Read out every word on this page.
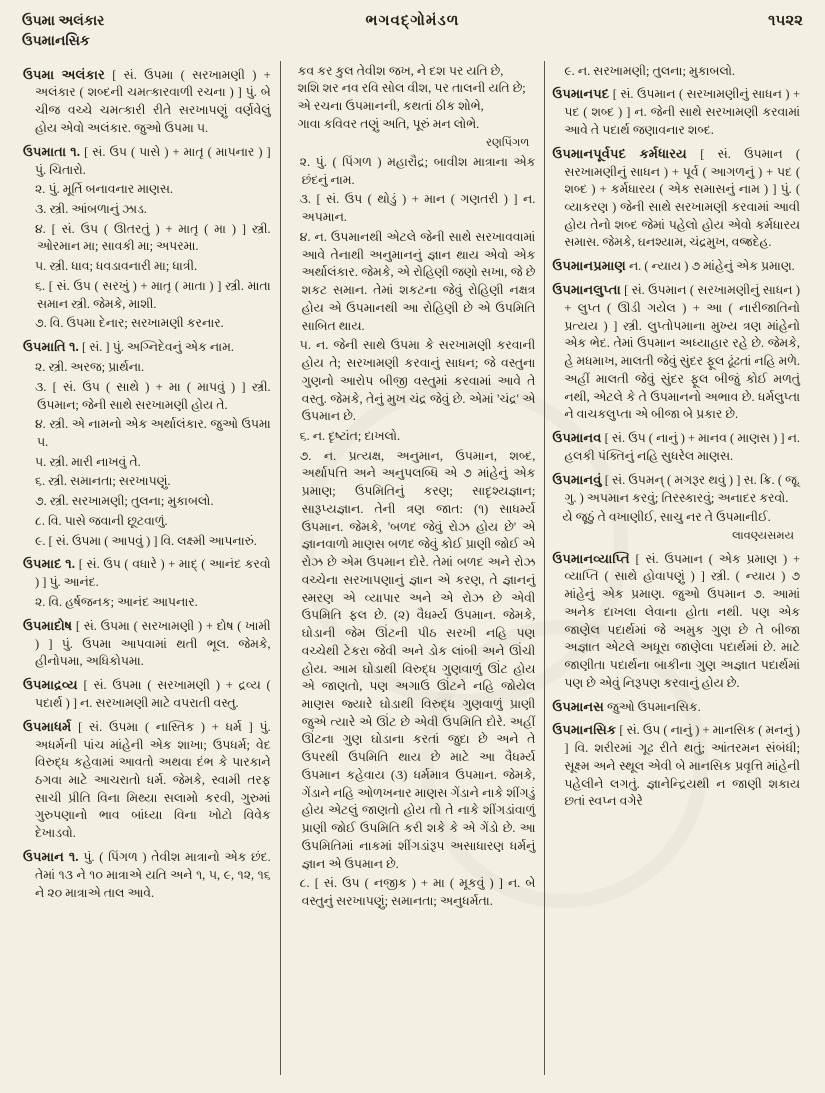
ઉપમા અલંકાર
ઉપમાનસિક
ભગવદ્ગોમંડળ	૧૫૨૨

ઉપમા અલંકાર [ સં. ઉપમા ( સરખામણી ) + અલંકાર ( શબ્દની ચમત્કારવાળી રચના ) ] પું. બે ચીજ વચ્ચે ચમત્કારી રીતે સરખાપણું વર્ણવેલું હોય એવો અલંકાર. જુઓ ઉપમા ૫.

ઉપમાતા ૧. [ સં. ઉપ ( પાસે ) + માતૃ ( માપનાર ) ] પું. ચિતારો.

૨. પું. મૂર્તિ બનાવનાર માણસ.

૩. સ્ત્રી. આંબળાનું ઝાડ.

૪. [ સં. ઉપ ( ઊતરતું ) + માતૃ ( મા ) ] સ્ત્રી. ઓરમાન મા; સાવકી મા; અપરમા.

૫. સ્ત્રી. ધાવ; ધવડાવનારી મા; ધાત્રી.

૬. [ સં. ઉપ ( સરખું ) + માતૃ ( માતા ) ] સ્ત્રી. માતા સમાન સ્ત્રી. જેમકે, માશી.

૭. વિ. ઉપમા દેનાર; સરખામણી કરનાર.

ઉપમાતિ ૧. [ સં. ] પું. અગ્નિદેવનું એક નામ.

૨. સ્ત્રી. અરજ; પ્રાર્થના.

૩. [ સં. ઉપ ( સાથે ) + મા ( માપવું ) ] સ્ત્રી. ઉપમાન; જેની સાથે સરખામણી હોય તે.

૪. સ્ત્રી. એ નામનો એક અર્થાલંકાર. જુઓ ઉપમા ૫.

૫. સ્ત્રી. મારી નાખવું તે.

૬. સ્ત્રી. સમાનતા; સરખાપણું.

૭. સ્ત્રી. સરખામણી; તુલના; મુકાબલો.

૮. વિ. પાસે જવાની છૂટવાળું.

૯. [ સં. ઉપમા ( આપવું ) ] વિ. લક્ષ્મી આપનારું.

ઉપમાદ ૧. [ સં. ઉપ ( વધારે ) + માદ્ ( આનંદ કરવો ) ] પું. આનંદ.

૨. વિ. હર્ષજનક; આનંદ આપનાર.

ઉપમાદોષ [ સં. ઉપમા ( સરખામણી ) + દોષ ( ખામી ) ] પું. ઉપમા આપવામાં થતી ભૂલ. જેમકે, હીનોપમા, અધિકોપમા.

ઉપમાદ્રવ્ય [ સં. ઉપમા ( સરખામણી ) + દ્રવ્ય ( પદાર્થ ) ] ન. સરખામણી માટે વપરાતી વસ્તુ.

ઉપમાધર્મ [ સં. ઉપમા ( નાસ્તિક ) + ધર્મ ] પું. અધર્મની પાંચ માંહેની એક શાખા; ઉપધર્મ; વેદ વિરુદ્ધ કહેવામાં આવતો અથવા દંભ કે પારકાને ઠગવા માટે આચરાતો ધર્મ. જેમકે, સ્વામી તરફ સાચી પ્રીતિ વિના મિથ્યા સલામો કરવી, ગુરુમાં ગુરુપણાનો ભાવ બાંધ્યા વિના ખોટો વિવેક દેખાડવો.

ઉપમાન ૧. પું. ( પિંગળ ) તેવીશ માત્રાનો એક છંદ. તેમાં ૧૩ ને ૧૦ માત્રાએ યતિ અને ૧, ૫, ૯, ૧૨, ૧૬ ને ૨૦ માત્રાએ તાલ આવે.

કવ કર કુલ તેવીશ જખ, ને દશ પર યતિ છે,
શશિ શર નવ રવિ સોલ વીશ, પર તાલની યતિ છે;
એ રચના ઉપમાનની, કથતાં ઠીક શોભે,
ગાવા કવિવર તણું અતિ, પૂરું મન લોભે.
રણપિંગળ

૨. પું. ( પિંગળ ) મહારૌદ્ર; બાવીશ માત્રાના એક છંદનું નામ.

૩. [ સં. ઉપ ( થોડું ) + માન ( ગણતરી ) ] ન. અપમાન.

૪. ન. ઉપમાનથી એટલે જેની સાથે સરખાવવામાં આવે તેનાથી અનુમાનનું જ્ઞાન થાય એવો એક અર્થાલંકાર. જેમકે, એ રોહિણી જણો સખા, જે છે શકટ સમાન. તેમાં શકટના જેવું રોહિણી નક્ષત્ર હોય એ ઉપમાનથી આ રોહિણી છે એ ઉપમિતિ સાબિત થાય.

૫. ન. જેની સાથે ઉપમા કે સરખામણી કરવાની હોય તે; સરખામણી કરવાનું સાધન; જે વસ્તુના ગુણનો આરોપ બીજી વસ્તુમાં કરવામાં આવે તે વસ્તુ. જેમકે, તેનું મુખ ચંદ્ર જેવું છે. એમાં 'ચંદ્ર' એ ઉપમાન છે.

૬. ન. દૃષ્ટાંત; દાખલો.

૭. ન. પ્રત્યક્ષ, અનુમાન, ઉપમાન, શબ્દ, અર્થાપત્તિ અને અનુપલબ્ધિ એ ૭ માંહેનું એક પ્રમાણ; ઉપમિતિનું કરણ; સાદૃશ્યજ્ઞાન; સારૂપ્યજ્ઞાન. તેની ત્રણ જાત: (૧) સાધર્મ્ય ઉપમાન. જેમકે, 'બળદ જેવું રોઝ હોય છે' એ જ્ઞાનવાળો માણસ બળદ જેવું કોઈ પ્રાણી જોઈ એ રોઝ છે એમ ઉપમાન દોરે. તેમાં બળદ અને રોઝ વચ્ચેના સરખાપણાનું જ્ઞાન એ કરણ, તે જ્ઞાનનું સ્મરણ એ વ્યાપાર અને એ રોઝ છે એવી ઉપમિતિ ફલ છે. (૨) વૈધર્મ્ય ઉપમાન. જેમકે, ઘોડાની જેમ ઊંટની પીઠ સરખી નહિ પણ વચ્ચેથી ટેકરા જેવી અને ડોક લાંબી અને ઊંચી હોય. આમ ઘોડાથી વિરુદ્ધ ગુણવાળું ઊંટ હોય એ જાણતો, પણ અગાઉ ઊંટને નહિ જોયેલ માણસ જ્યારે ઘોડાથી વિરુદ્ધ ગુણવાળું પ્રાણી જુએ ત્યારે એ ઊંટ છે એવી ઉપમિતિ દોરે. અહીં ઊંટના ગુણ ઘોડાના કરતાં જુદા છે અને તે ઉપરથી ઉપમિતિ થાય છે માટે આ વૈધર્મ્ય ઉપમાન કહેવાય (૩) ધર્મમાત્ર ઉપમાન. જેમકે, ગેંડાને નહિ ઓળખનાર માણસ ગેંડાને નાકે શીંગડું હોય એટલું જાણતો હોય તો તે નાકે શીંગડાંવાળું પ્રાણી જોઈ ઉપમિતિ કરી શકે કે એ ગેંડો છે. આ ઉપમિતિમાં નાકમાં શીંગડાંરૂપ અસાધારણ ધર્મનું જ્ઞાન એ ઉપમાન છે.

૮. [ સં. ઉપ ( નજીક ) + મા ( મૂકવું ) ] ન. બે વસ્તુનું સરખાપણું; સમાનતા; અનુધર્મતા.

૯. ન. સરખામણી; તુલના; મુકાબલો.

ઉપમાનપદ [ સં. ઉપમાન ( સરખામણીનું સાધન ) + પદ ( શબ્દ ) ] ન. જેની સાથે સરખામણી કરવામાં આવે તે પદાર્થ જણાવનાર શબ્દ.

ઉપમાનપૂર્વપદ કર્મધારય [ સં. ઉપમાન ( સરખામણીનું સાધન ) + પૂર્વ ( આગળનું ) + પદ ( શબ્દ ) + કર્મધારય ( એક સમાસનું નામ ) ] પું. ( વ્યાકરણ ) જેની સાથે સરખામણી કરવામાં આવી હોય તેનો શબ્દ જેમાં પહેલો હોય એવો કર્મધારય સમાસ. જેમકે, ઘનશ્યામ, ચંદ્રમુખ, વજ્રદેહ.

ઉપમાનપ્રમાણ ન. ( ન્યાય ) ૭ માંહેનું એક પ્રમાણ.

ઉપમાનલુપ્તા [ સં. ઉપમાન ( સરખામણીનું સાધન ) + લુપ્ત ( ઊડી ગયેલ ) + આ ( નારીજાતિનો પ્રત્યય ) ] સ્ત્રી. લુપ્તોપમાના મુખ્ય ત્રણ માંહેનો એક ભેદ. તેમાં ઉપમાન અધ્યાહાર રહે છે. જેમકે, હે મધમાખ, માલતી જેવું સુંદર ફૂલ ઢૂંઢતાં નહિ મળે. અહીં માલતી જેવું સુંદર ફૂલ બીજું કોઈ મળતું નથી, એટલે કે તે ઉપમાનનો અભાવ છે. ધર્મલુપ્તા ને વાચકલુપ્તા એ બીજા બે પ્રકાર છે.

ઉપમાનવ [ સં. ઉપ ( નાનું ) + માનવ ( માણસ ) ] ન. હલકી પંક્તિનું નહિ સુધરેલ માણસ.

ઉપમાનવું [ સં. ઉપમન્ ( મગરૂર થવું ) ] સ. ક્રિ. ( જૂ. ગુ. ) અપમાન કરવું; તિરસ્કારવું; અનાદર કરવો.

યે જૂઠું તે વખાણીઈ, સાચુ નર તે ઉપમાનીઈ.
લાવણ્યસમય

ઉપમાનવ્યાપ્તિ [ સં. ઉપમાન ( એક પ્રમાણ ) + વ્યાપ્તિ ( સાથે હોવાપણું ) ] સ્ત્રી. ( ન્યાય ) ૭ માંહેનું એક પ્રમાણ. જુઓ ઉપમાન ૭. આમાં અનેક દાખલા લેવાના હોતા નથી. પણ એક જાણેલ પદાર્થમાં જે અમુક ગુણ છે તે બીજા અજ્ઞાત એટલે અધૂરા જાણેલા પદાર્થમાં છે. માટે જાણીતા પદાર્થના બાકીના ગુણ અજ્ઞાત પદાર્થમાં પણ છે એવું નિરૂપણ કરવાનું હોય છે.

ઉપમાનસ જુઓ ઉપમાનસિક.

ઉપમાનસિક [ સં. ઉપ ( નાનું ) + માનસિક ( મનનું ) ] વિ. શરીરમાં ગૂઢ રીતે થતું; આંતરમન સંબંધી; સૂક્ષ્મ અને સ્થૂલ એવી બે માનસિક પ્રવૃત્તિ માંહેની પહેલીને લગતું. જ્ઞાનેન્દ્રિયથી ન જાણી શકાય છતાં સ્વપ્ન વગેરે
